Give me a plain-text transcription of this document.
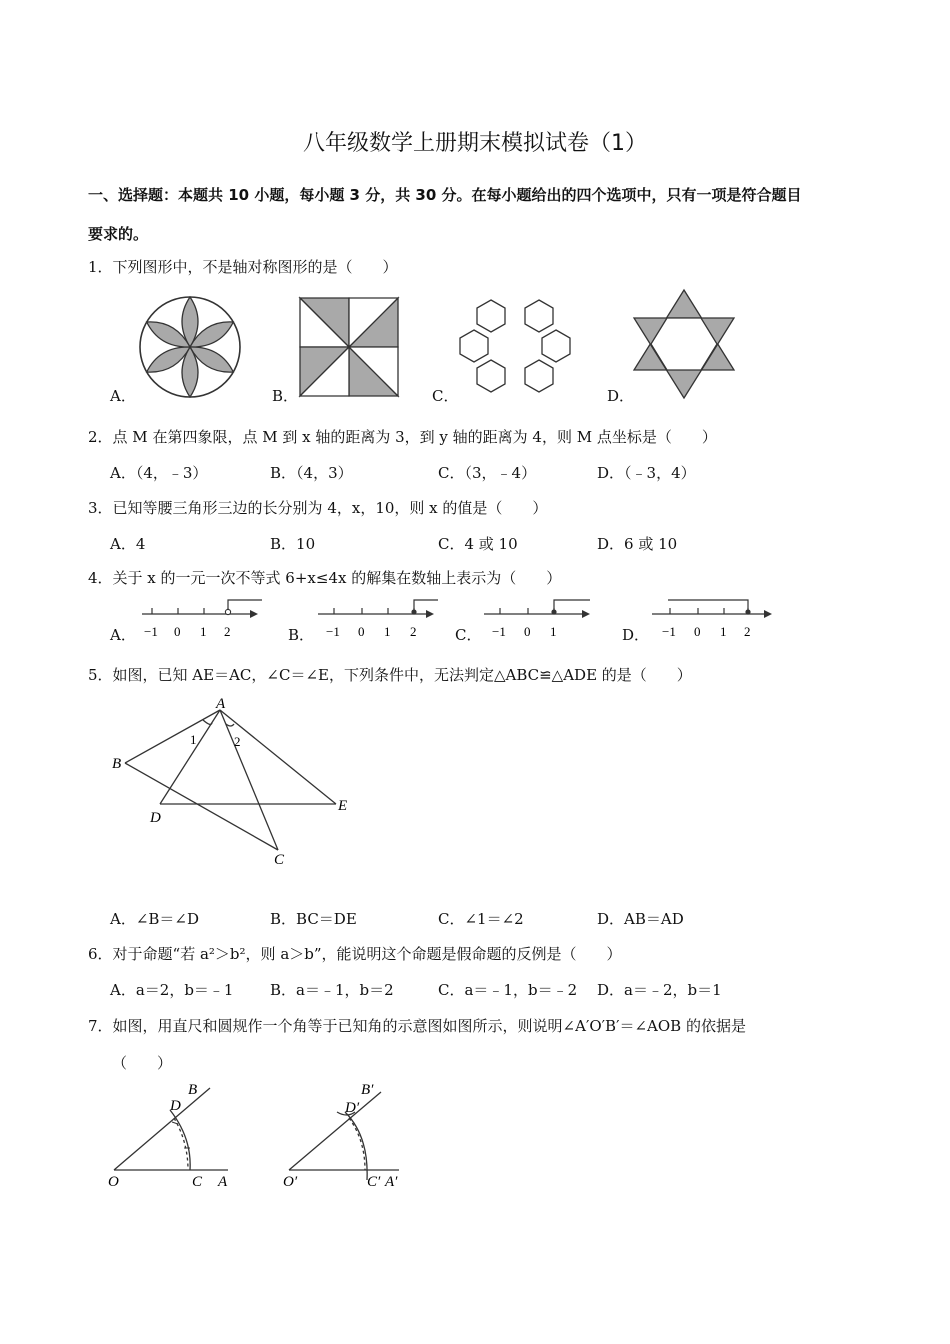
八年级数学上册期末模拟试卷（1）
一、选择题：本题共 10 小题，每小题 3 分，共 30 分。在每小题给出的四个选项中，只有一项是符合题目
要求的。
1．下列图形中，不是轴对称图形的是（　　）
A．	B．	C．	D．
2．点 M 在第四象限，点 M 到 x 轴的距离为 3，到 y 轴的距离为 4，则 M 点坐标是（　　）
A．（4，﹣3）	B．（4，3）	C．（3，﹣4）	D．（﹣3，4）
3．已知等腰三角形三边的长分别为 4，x，10，则 x 的值是（　　）
A．4	B．10	C．4 或 10	D．6 或 10
4．关于 x 的一元一次不等式 6+x≤4x 的解集在数轴上表示为（　　）
A．	B．	C．	D．
−1 0 1 2	−1 0 1 2	−1 0 1	−1 0 1 2
5．如图，已知 AE＝AC，∠C＝∠E，下列条件中，无法判定△ABC≌△ADE 的是（　　）
A
B
D
E
C
1	2
A．∠B＝∠D	B．BC＝DE	C．∠1＝∠2	D．AB＝AD
6．对于命题“若 a²＞b²，则 a＞b”，能说明这个命题是假命题的反例是（　　）
A．a＝2，b＝﹣1 B．a＝﹣1，b＝2	C．a＝﹣1，b＝﹣2 D．a＝﹣2，b＝1
7．如图，用直尺和圆规作一个角等于已知角的示意图如图所示，则说明∠A′O′B′＝∠AOB 的依据是
（　　）
O	C A
D
B
O′	C′ A′
D′
B′
